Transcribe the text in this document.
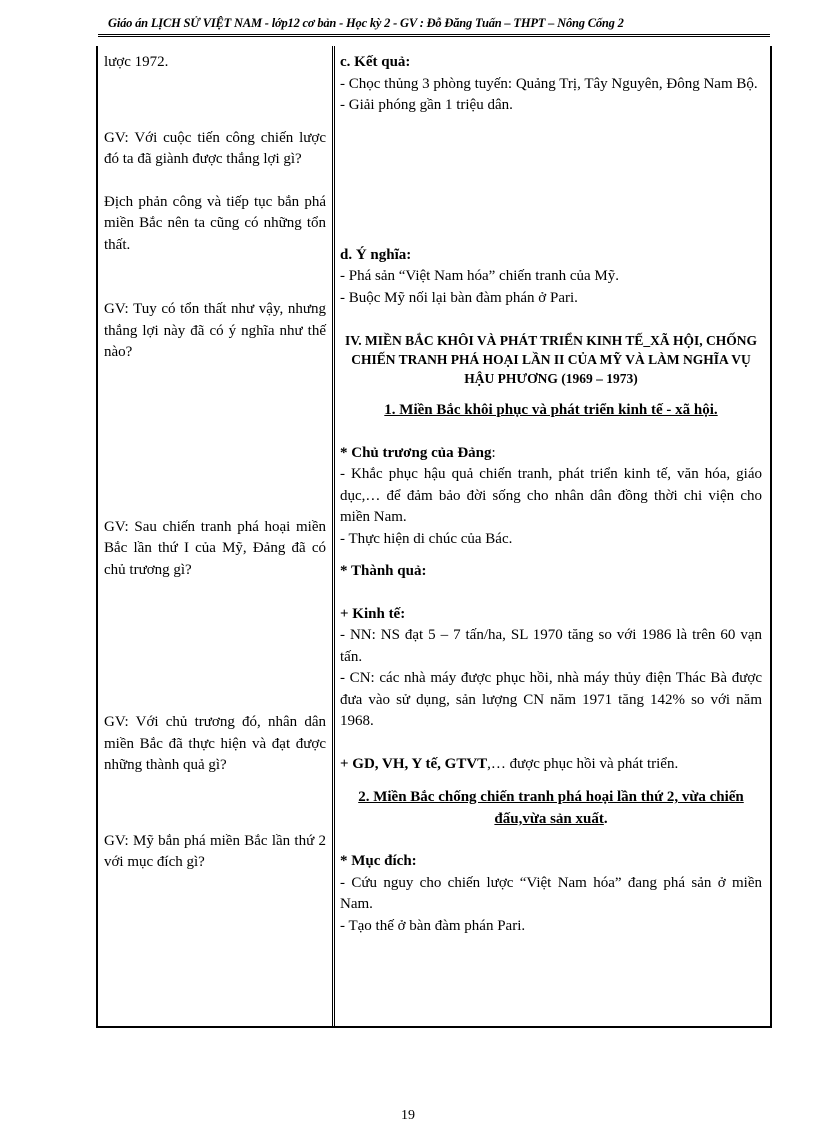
Giáo án LỊCH SỬ VIỆT NAM - lớp12 cơ bản - Học kỳ 2 - GV : Đỗ Đăng Tuấn – THPT – Nông Cống 2

lược 1972.

GV: Với cuộc tiến công chiến lược đó ta đã giành được thắng lợi gì?

Địch phản công và tiếp tục bắn phá miền Bắc nên ta cũng có những tổn thất.

GV: Tuy có tổn thất như vậy, nhưng thắng lợi này đã có ý nghĩa như thế nào?

GV: Sau chiến tranh phá hoại miền Bắc lần thứ I của Mỹ, Đảng đã có chủ trương gì?

GV: Với chủ trương đó, nhân dân miền Bắc đã thực hiện và đạt được những thành quả gì?

GV: Mỹ bắn phá miền Bắc lần thứ 2 với mục đích gì?

c. Kết quả:

- Chọc thủng 3 phòng tuyến: Quảng Trị, Tây Nguyên, Đông Nam Bộ.

- Giải phóng gần 1 triệu dân.

d. Ý nghĩa:

- Phá sản “Việt Nam hóa” chiến tranh của Mỹ.

- Buộc Mỹ nối lại bàn đàm phán ở Pari.

IV. MIỀN BẮC KHÔI VÀ PHÁT TRIỂN KINH TẾ_XÃ HỘI, CHỐNG CHIẾN TRANH PHÁ HOẠI LẦN II CỦA MỸ VÀ LÀM NGHĨA VỤ HẬU PHƯƠNG (1969 – 1973)

1. Miền Bắc khôi phục và phát triển kinh tế - xã hội.

* Chủ trương của Đảng:

- Khắc phục hậu quả chiến tranh, phát triển kinh tế, văn hóa, giáo dục,… để đảm bảo đời sống cho nhân dân đồng thời chi viện cho miền Nam.

- Thực hiện di chúc của Bác.

* Thành quả:

+ Kinh tế:

- NN: NS đạt 5 – 7 tấn/ha, SL 1970 tăng so với 1986 là trên 60 vạn tấn.

- CN: các nhà máy được phục hồi, nhà máy thủy điện Thác Bà được đưa vào sử dụng, sản lượng CN năm 1971 tăng 142% so với năm 1968.

+ GD, VH, Y tế, GTVT,… được phục hồi và phát triển.

2. Miền Bắc chống chiến tranh phá hoại lần thứ 2, vừa chiến đấu,vừa sản xuất.

* Mục đích:

- Cứu nguy cho chiến lược “Việt Nam hóa” đang phá sản ở miền Nam.

- Tạo thế ở bàn đàm phán Pari.

19
